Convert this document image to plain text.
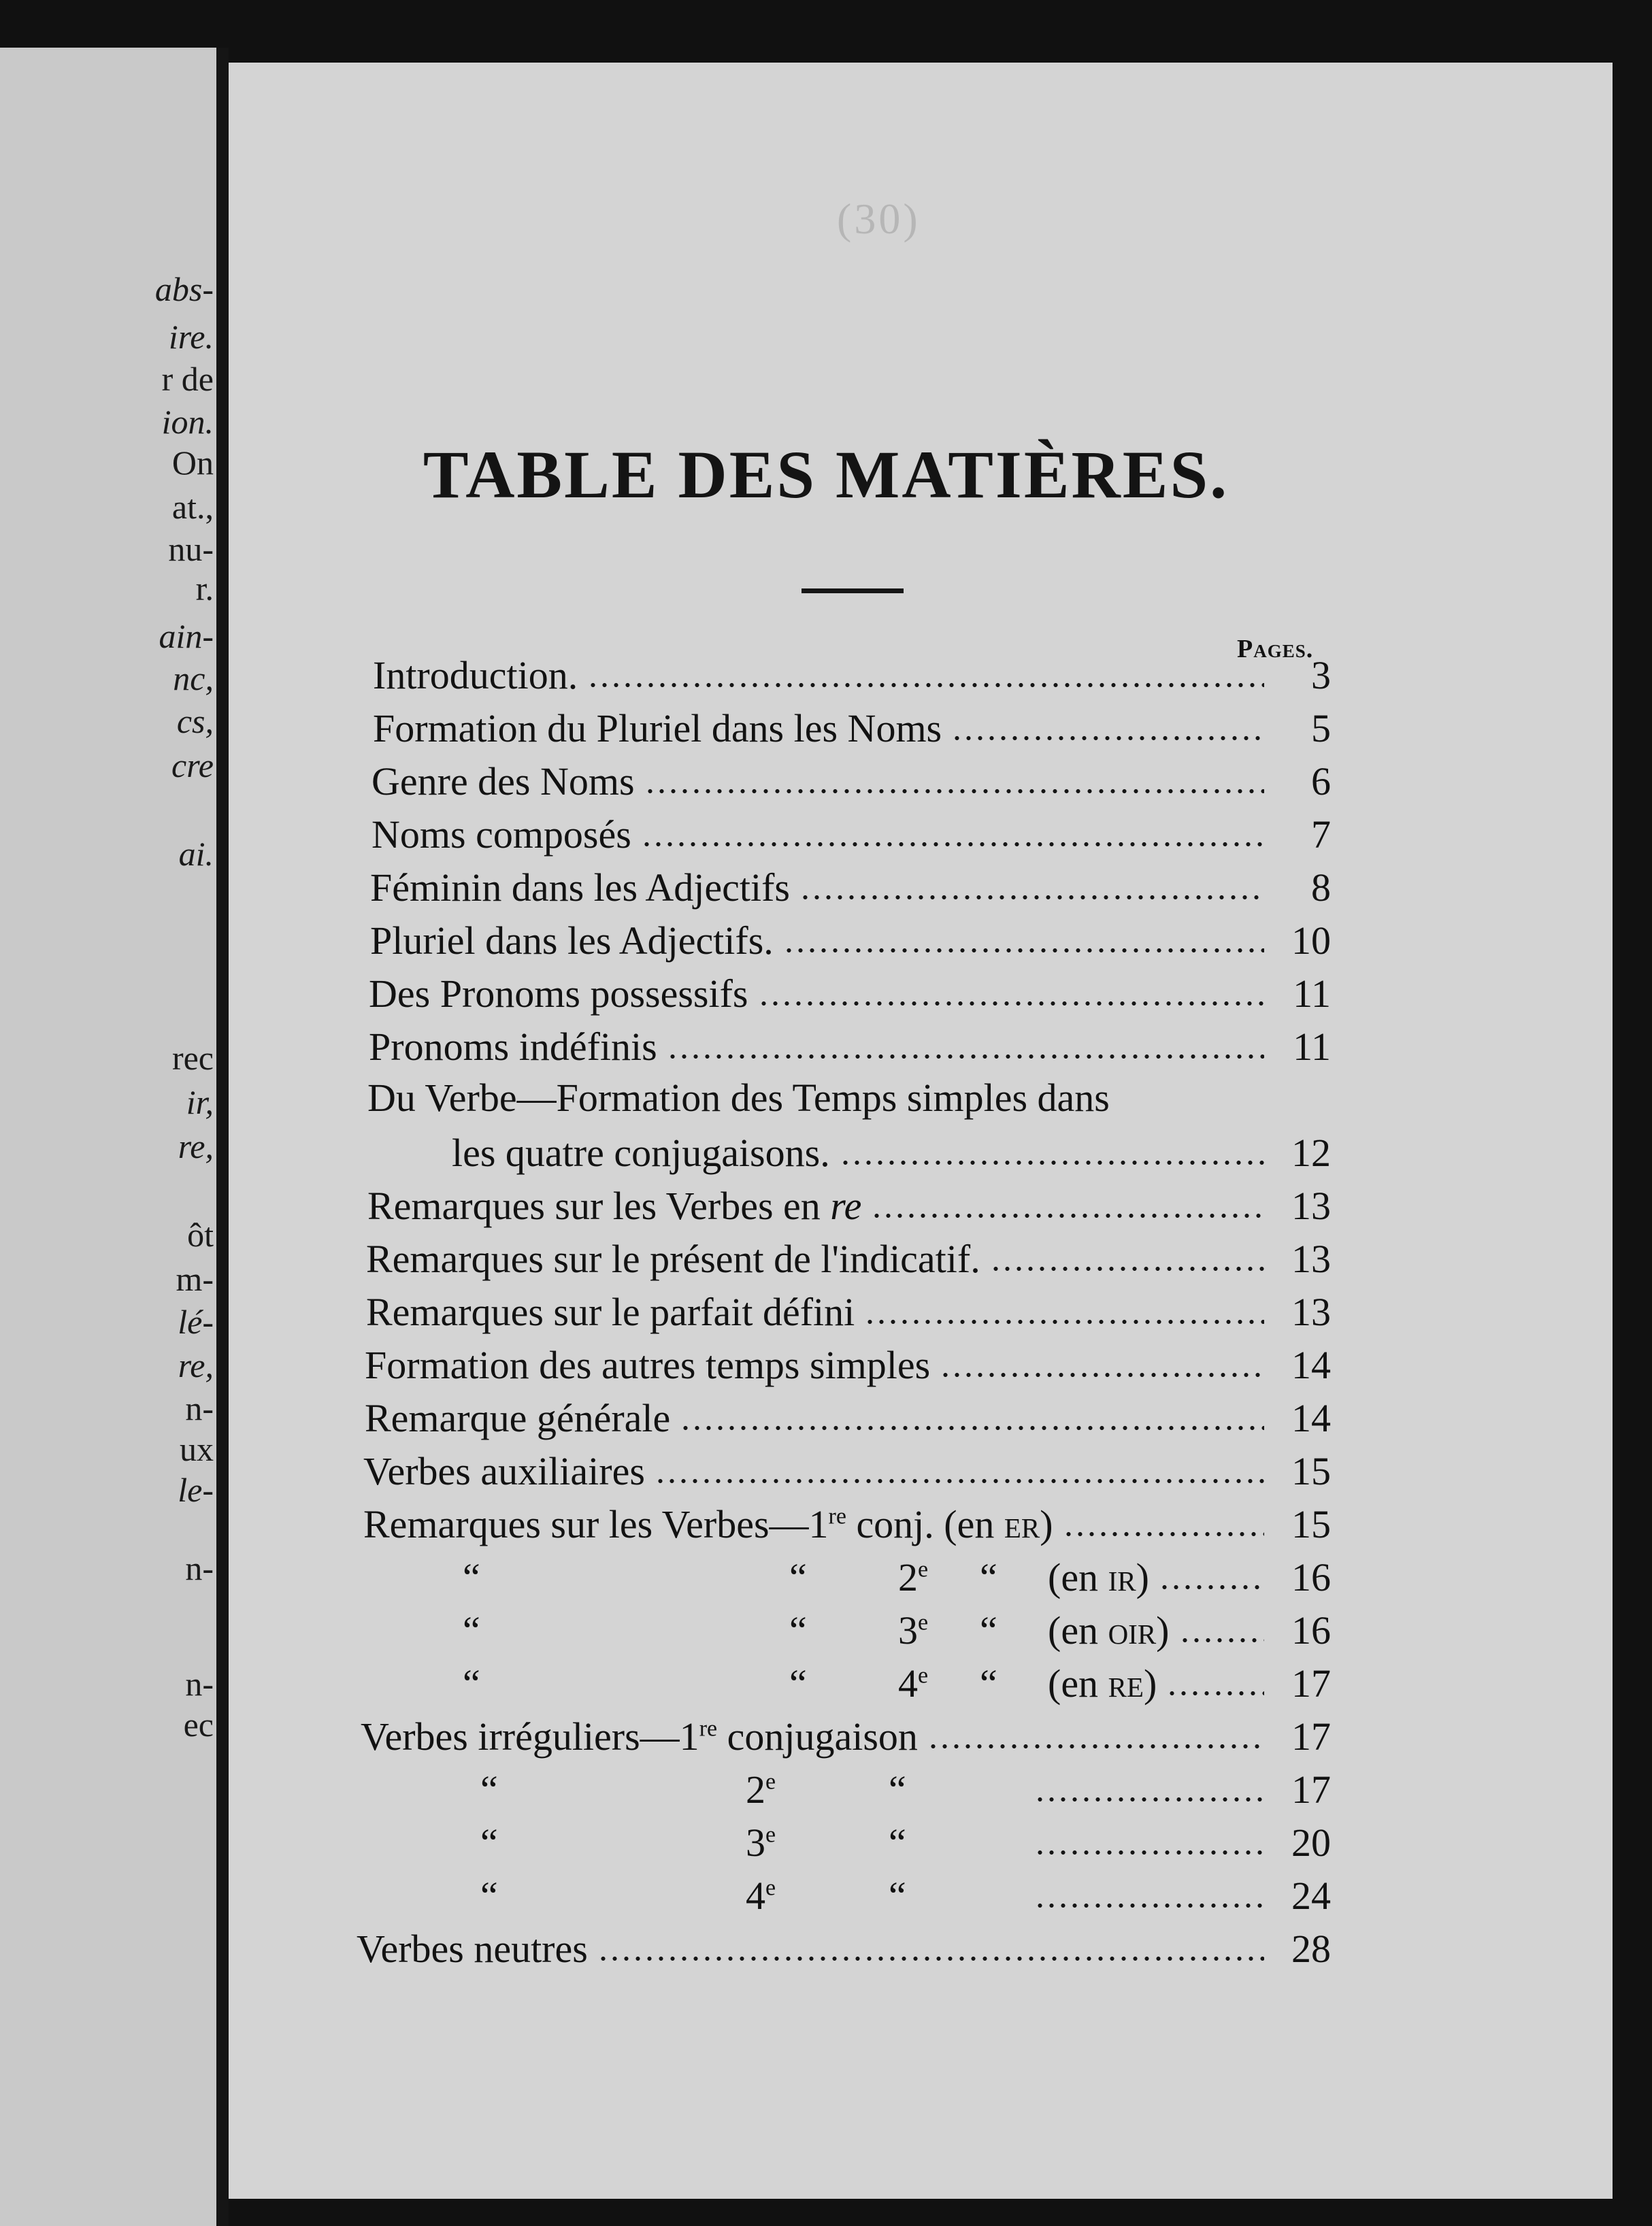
abs-
ire.
r de
ion.
On
at.,
nu-
r.
ain-
nc,
cs,
cre
ai.
rec
ir,
re,
ôt
m-
lé-
re,
n-
ux
le-
n-
n-
ec
(30)
TABLE DES MATIÈRES.
Pages.
Introduction.	3
Formation du Pluriel dans les Noms	5
Genre des Noms	6
Noms composés	7
Féminin dans les Adjectifs	8
Pluriel dans les Adjectifs.	10
Des Pronoms possessifs	11
Pronoms indéfinis	11
Du Verbe—Formation des Temps simples dans
les quatre conjugaisons.	12
Remarques sur les Verbes en re	13
Remarques sur le présent de l'indicatif.	13
Remarques sur le parfait défini	13
Formation des autres temps simples	14
Remarque générale	14
Verbes auxiliaires	15
Remarques sur les Verbes—1re conj. (en er)	15
“	“ 2e “ (en ir)	16
“	“ 3e “ (en oir)	16
“	“ 4e “ (en re)	17
Verbes irréguliers—1re conjugaison	17
“	2e	“	17
“	3e	“	20
“	4e	“	24
Verbes neutres	28
